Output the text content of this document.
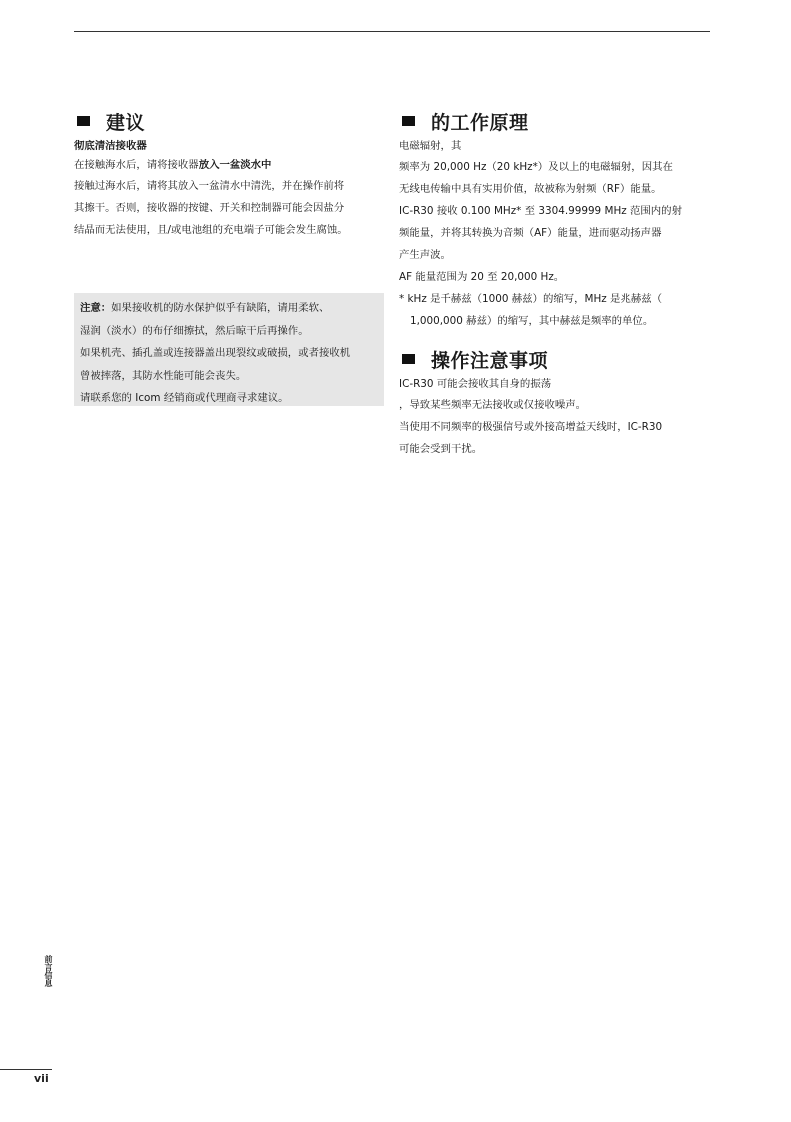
建议
彻底清洁接收器
在接触海水后，请将接收器放入一盆淡水中
接触过海水后，请将其放入一盆清水中清洗，并在操作前将
其擦干。否则，接收器的按键、开关和控制器可能会因盐分
结晶而无法使用，且/或电池组的充电端子可能会发生腐蚀。
注意：如果接收机的防水保护似乎有缺陷，请用柔软、
湿润（淡水）的布仔细擦拭，然后晾干后再操作。
如果机壳、插孔盖或连接器盖出现裂纹或破损，或者接收机
曾被摔落，其防水性能可能会丧失。
请联系您的 Icom 经销商或代理商寻求建议。
的工作原理
电磁辐射，其
频率为 20,000 Hz（20 kHz*）及以上的电磁辐射，因其在
无线电传输中具有实用价值，故被称为射频（RF）能量。
IC-R30 接收 0.100 MHz* 至 3304.99999 MHz 范围内的射
频能量，并将其转换为音频（AF）能量，进而驱动扬声器
产生声波。
AF 能量范围为 20 至 20,000 Hz。
* kHz 是千赫兹（1000 赫兹）的缩写，MHz 是兆赫兹（
1,000,000 赫兹）的缩写，其中赫兹是频率的单位。
操作注意事项
IC-R30 可能会接收其自身的振荡
，导致某些频率无法接收或仅接收噪声。
当使用不同频率的极强信号或外接高增益天线时，IC-R30
可能会受到干扰。
前言信息
vii
